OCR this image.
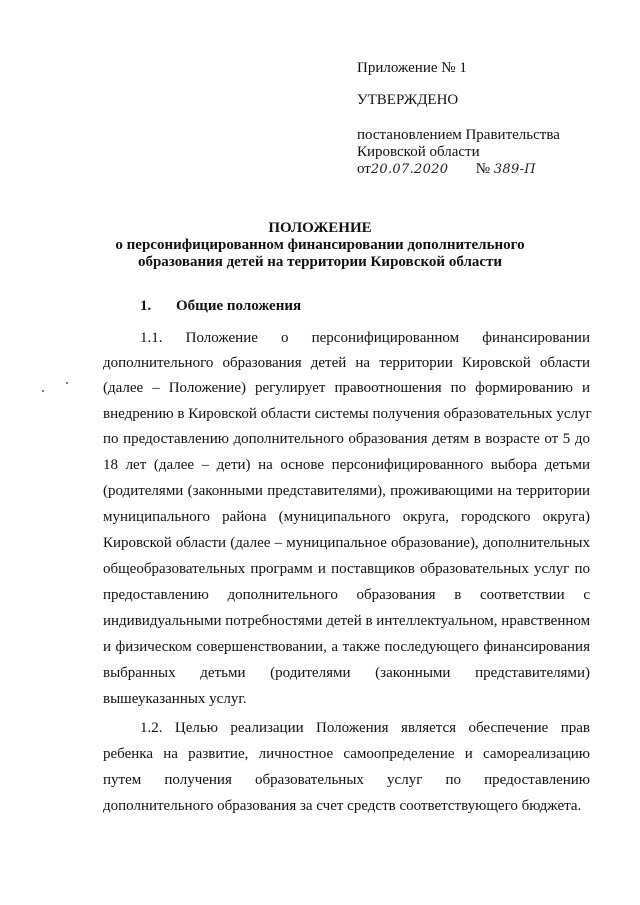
Приложение № 1
УТВЕРЖДЕНО
постановлением Правительства
Кировской области
от20.07.2020 № 389-П
ПОЛОЖЕНИЕ
о персонифицированном финансировании дополнительного
образования детей на территории Кировской области
1. Общие положения
1.1. Положение о персонифицированном финансировании
дополнительного образования детей на территории Кировской области
(далее – Положение) регулирует правоотношения по формированию и
внедрению в Кировской области системы получения образовательных услуг
по предоставлению дополнительного образования детям в возрасте от 5 до
18 лет (далее – дети) на основе персонифицированного выбора детьми
(родителями (законными представителями), проживающими на территории
муниципального района (муниципального округа, городского округа)
Кировской области (далее – муниципальное образование), дополнительных
общеобразовательных программ и поставщиков образовательных услуг по
предоставлению дополнительного образования в соответствии с
индивидуальными потребностями детей в интеллектуальном, нравственном
и физическом совершенствовании, а также последующего финансирования
выбранных детьми (родителями (законными представителями)
вышеуказанных услуг.
1.2. Целью реализации Положения является обеспечение прав
ребенка на развитие, личностное самоопределение и самореализацию
путем получения образовательных услуг по предоставлению
дополнительного образования за счет средств соответствующего бюджета.
